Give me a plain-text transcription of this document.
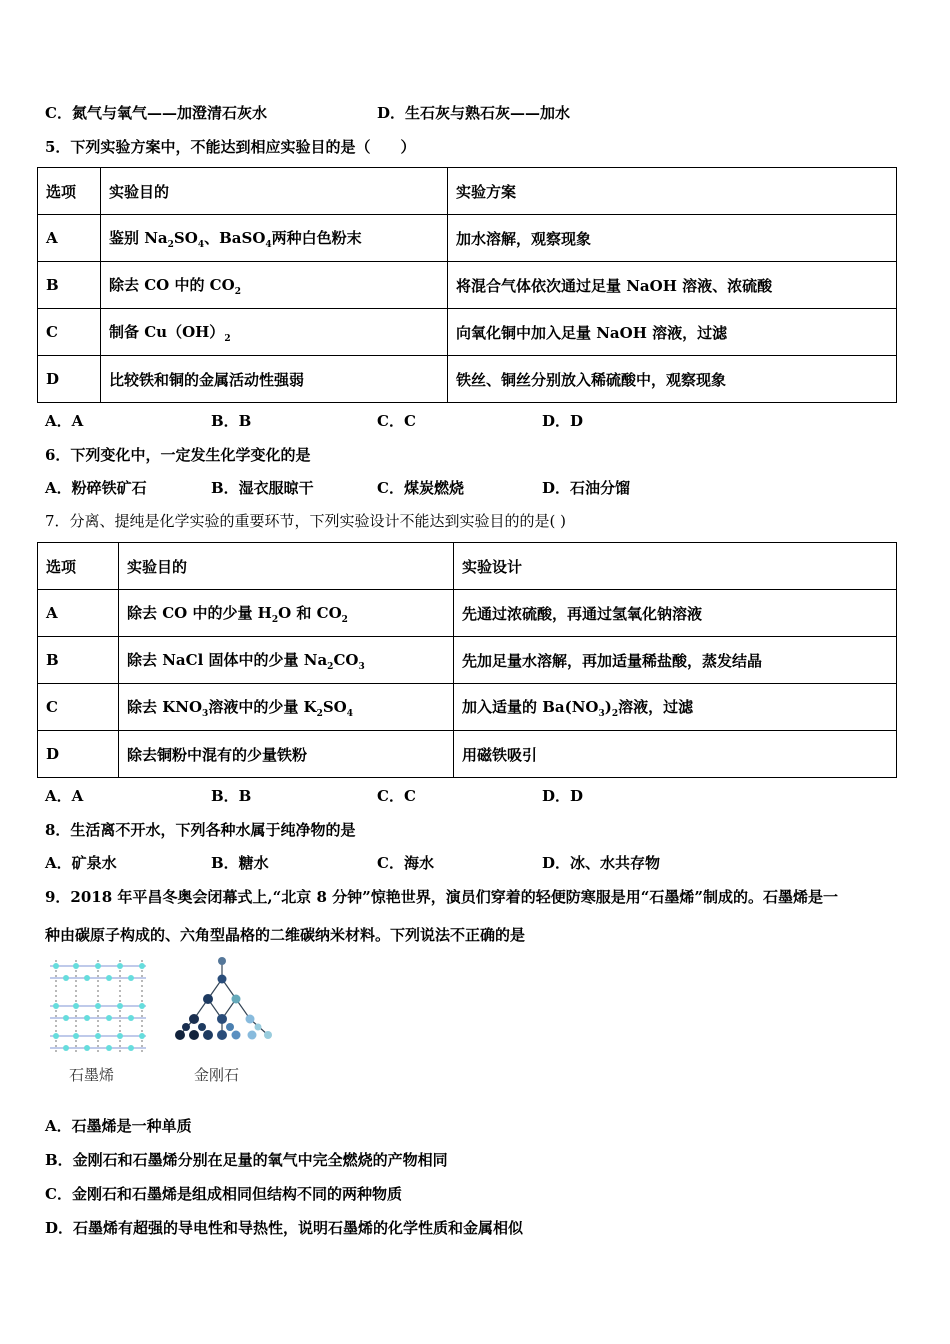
C．氮气与氧气——加澄清石灰水	D．生石灰与熟石灰——加水
5．下列实验方案中，不能达到相应实验目的是（　　）
选项	实验目的	实验方案
A	鉴别 $Na_2SO_4$、BaSO$_4$两种白色粉末	加水溶解，观察现象
B	除去 CO 中的 $CO_2$	将混合气体依次通过足量 NaOH 溶液、浓硫酸
C	制备 $Cu(OH)_2$	向氧化铜中加入足量 NaOH 溶液，过滤
D	比较铁和铜的金属活动性强弱	铁丝、铜丝分别放入稀硫酸中，观察现象
A．A	B．B	C．C	D．D
6．下列变化中，一定发生化学变化的是
A．粉碎铁矿石	B．湿衣服晾干	C．煤炭燃烧	D．石油分馏
7．分离、提纯是化学实验的重要环节，下列实验设计不能达到实验目的的是( )
选项	实验目的	实验设计
A	除去 CO 中的少量 $H_2O$ 和 $CO_2$	先通过浓硫酸，再通过氢氧化钠溶液
B	除去 NaCl 固体中的少量 $Na_2CO_3$	先加足量水溶解，再加适量稀盐酸，蒸发结晶
C	除去 $KNO_3$溶液中的少量 $K_2SO_4$	加入适量的 $Ba(NO_3)_2$溶液，过滤
D	除去铜粉中混有的少量铁粉	用磁铁吸引
A．A	B．B	C．C	D．D
8．生活离不开水，下列各种水属于纯净物的是
A．矿泉水	B．糖水	C．海水	D．冰、水共存物
9．2018 年平昌冬奥会闭幕式上,“北京 8 分钟”惊艳世界，演员们穿着的轻便防寒服是用“石墨烯”制成的。石墨烯是一
种由碳原子构成的、六角型晶格的二维碳纳米材料。下列说法不正确的是
石墨烯	金刚石
A．石墨烯是一种单质
B．金刚石和石墨烯分别在足量的氧气中完全燃烧的产物相同
C．金刚石和石墨烯是组成相同但结构不同的两种物质
D．石墨烯有超强的导电性和导热性，说明石墨烯的化学性质和金属相似
